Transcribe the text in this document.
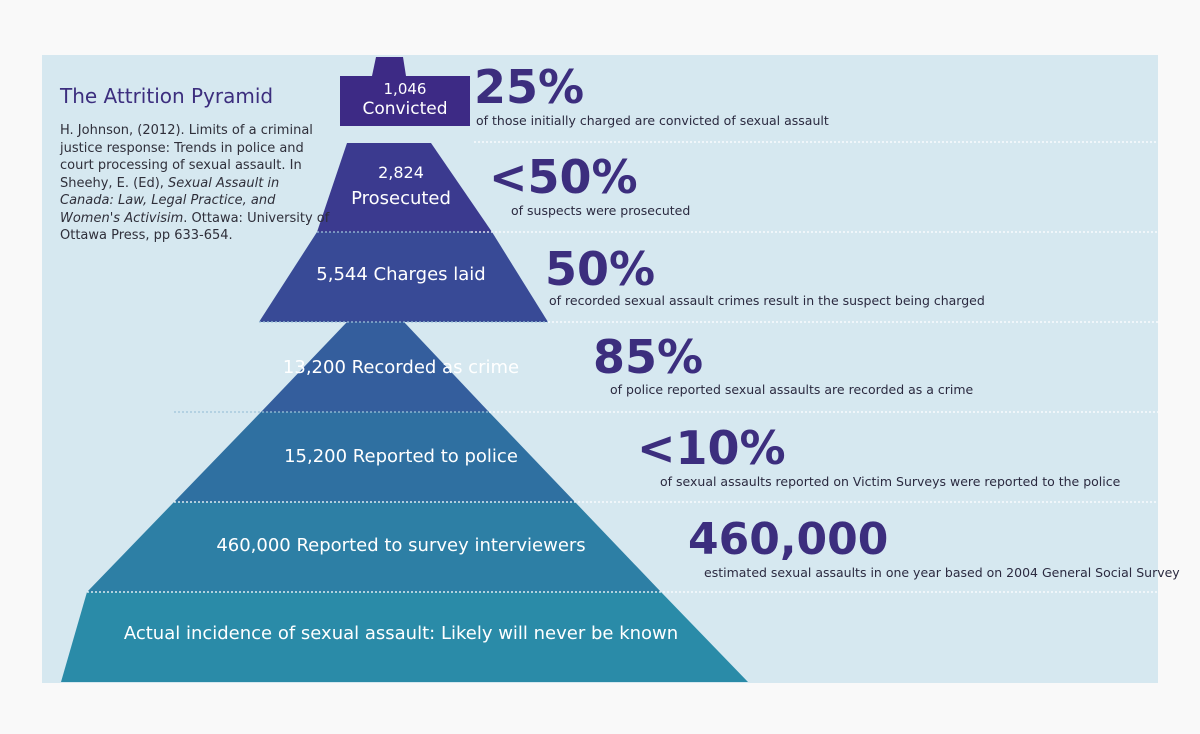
The Attrition Pyramid
H. Johnson, (2012). Limits of a criminal justice response: Trends in police and court processing of sexual assault. In Sheehy, E. (Ed), Sexual Assault in Canada: Law, Legal Practice, and Women's Activisim. Ottawa: University of Ottawa Press, pp 633-654.
1,046
Convicted
2,824
Prosecuted
5,544 Charges laid
13,200 Recorded as crime
15,200 Reported to police
460,000 Reported to survey interviewers
Actual incidence of sexual assault: Likely will never be known
25%
of those initially charged are convicted of sexual assault
<50%
of suspects were prosecuted
50%
of recorded sexual assault crimes result in the suspect being charged
85%
of police reported sexual assaults are recorded as a crime
<10%
of sexual assaults reported on Victim Surveys were reported to the police
460,000
estimated sexual assaults in one year based on 2004 General Social Survey
